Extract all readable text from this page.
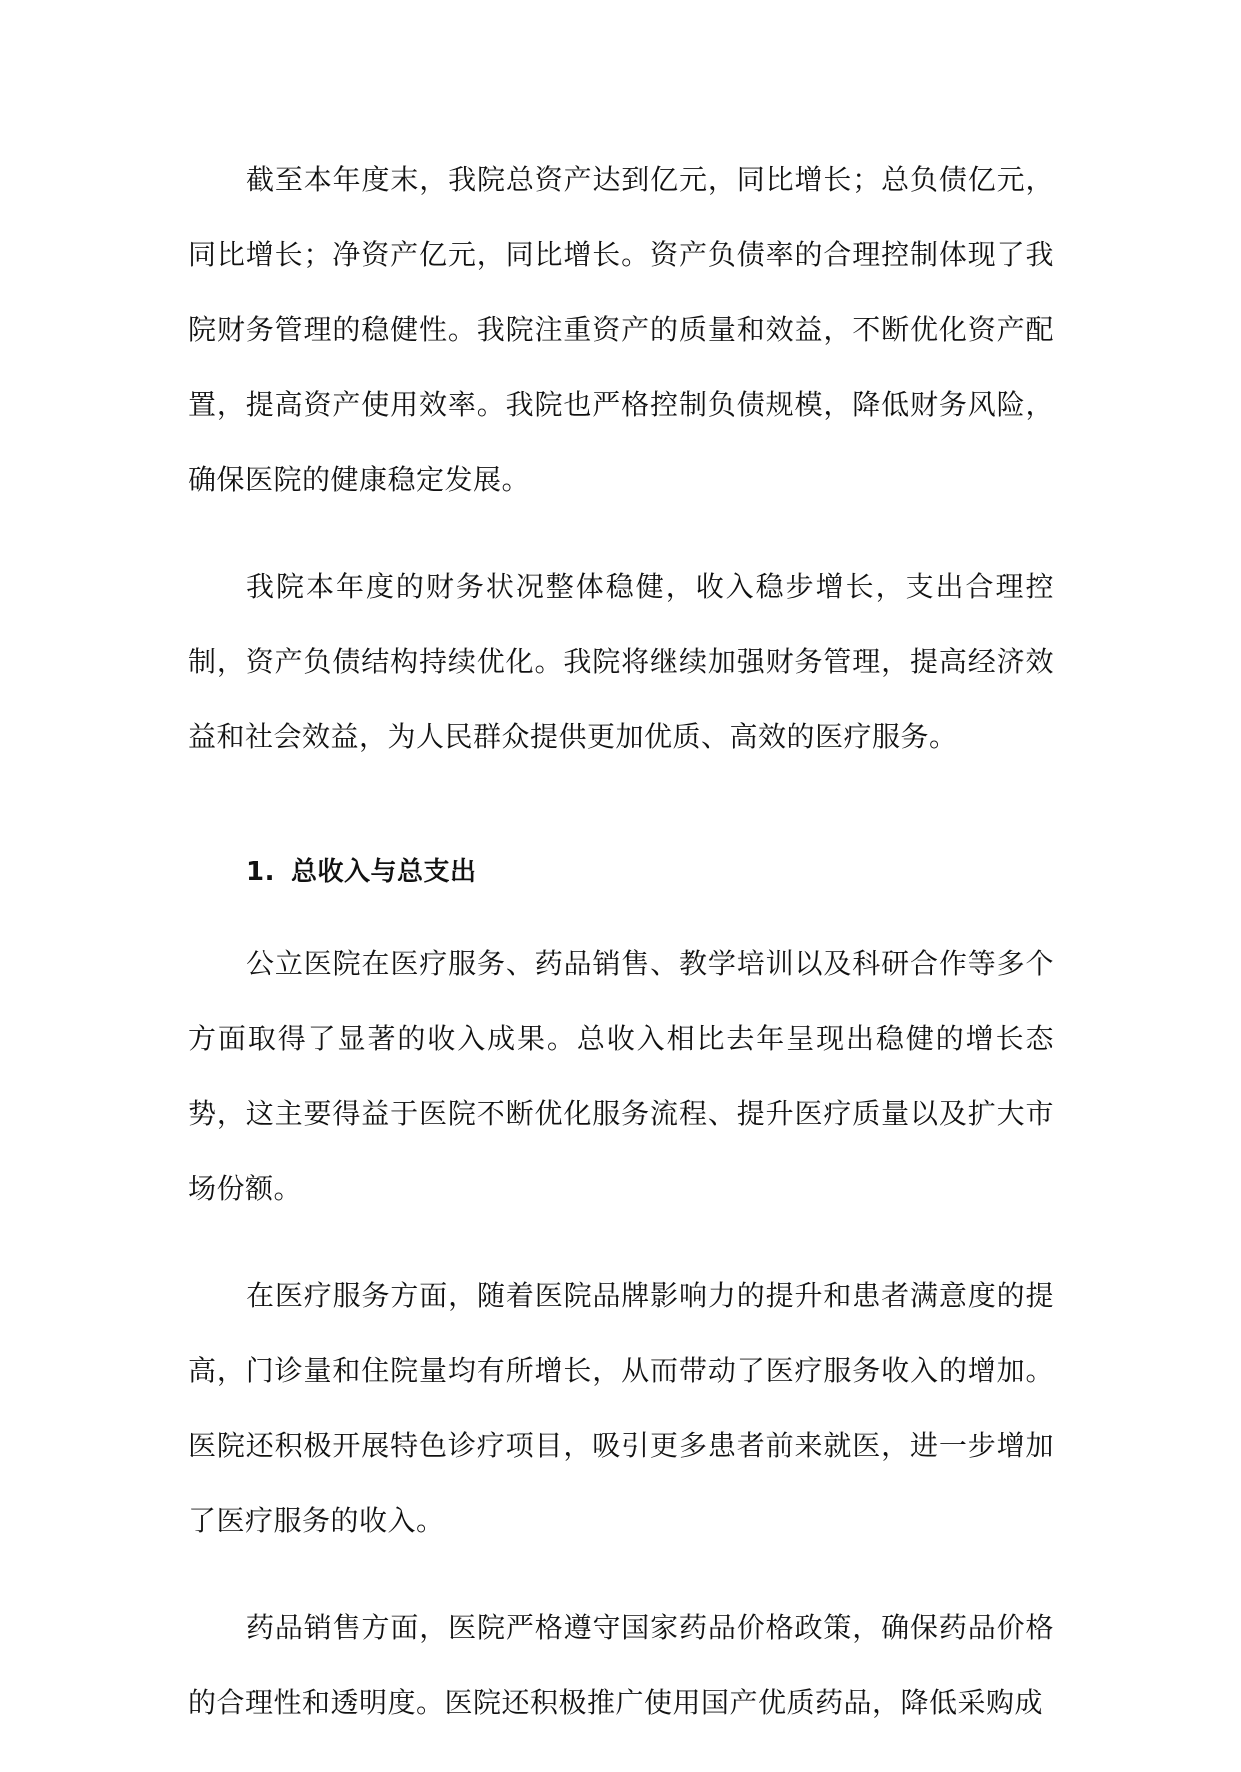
截至本年度末，我院总资产达到亿元，同比增长；总负债亿元，同比增长；净资产亿元，同比增长。资产负债率的合理控制体现了我院财务管理的稳健性。我院注重资产的质量和效益，不断优化资产配置，提高资产使用效率。我院也严格控制负债规模，降低财务风险，确保医院的健康稳定发展。

我院本年度的财务状况整体稳健，收入稳步增长，支出合理控制，资产负债结构持续优化。我院将继续加强财务管理，提高经济效益和社会效益，为人民群众提供更加优质、高效的医疗服务。

1. 总收入与总支出

公立医院在医疗服务、药品销售、教学培训以及科研合作等多个方面取得了显著的收入成果。总收入相比去年呈现出稳健的增长态势，这主要得益于医院不断优化服务流程、提升医疗质量以及扩大市场份额。

在医疗服务方面，随着医院品牌影响力的提升和患者满意度的提高，门诊量和住院量均有所增长，从而带动了医疗服务收入的增加。医院还积极开展特色诊疗项目，吸引更多患者前来就医，进一步增加了医疗服务的收入。

药品销售方面，医院严格遵守国家药品价格政策，确保药品价格的合理性和透明度。医院还积极推广使用国产优质药品，降低采购成
